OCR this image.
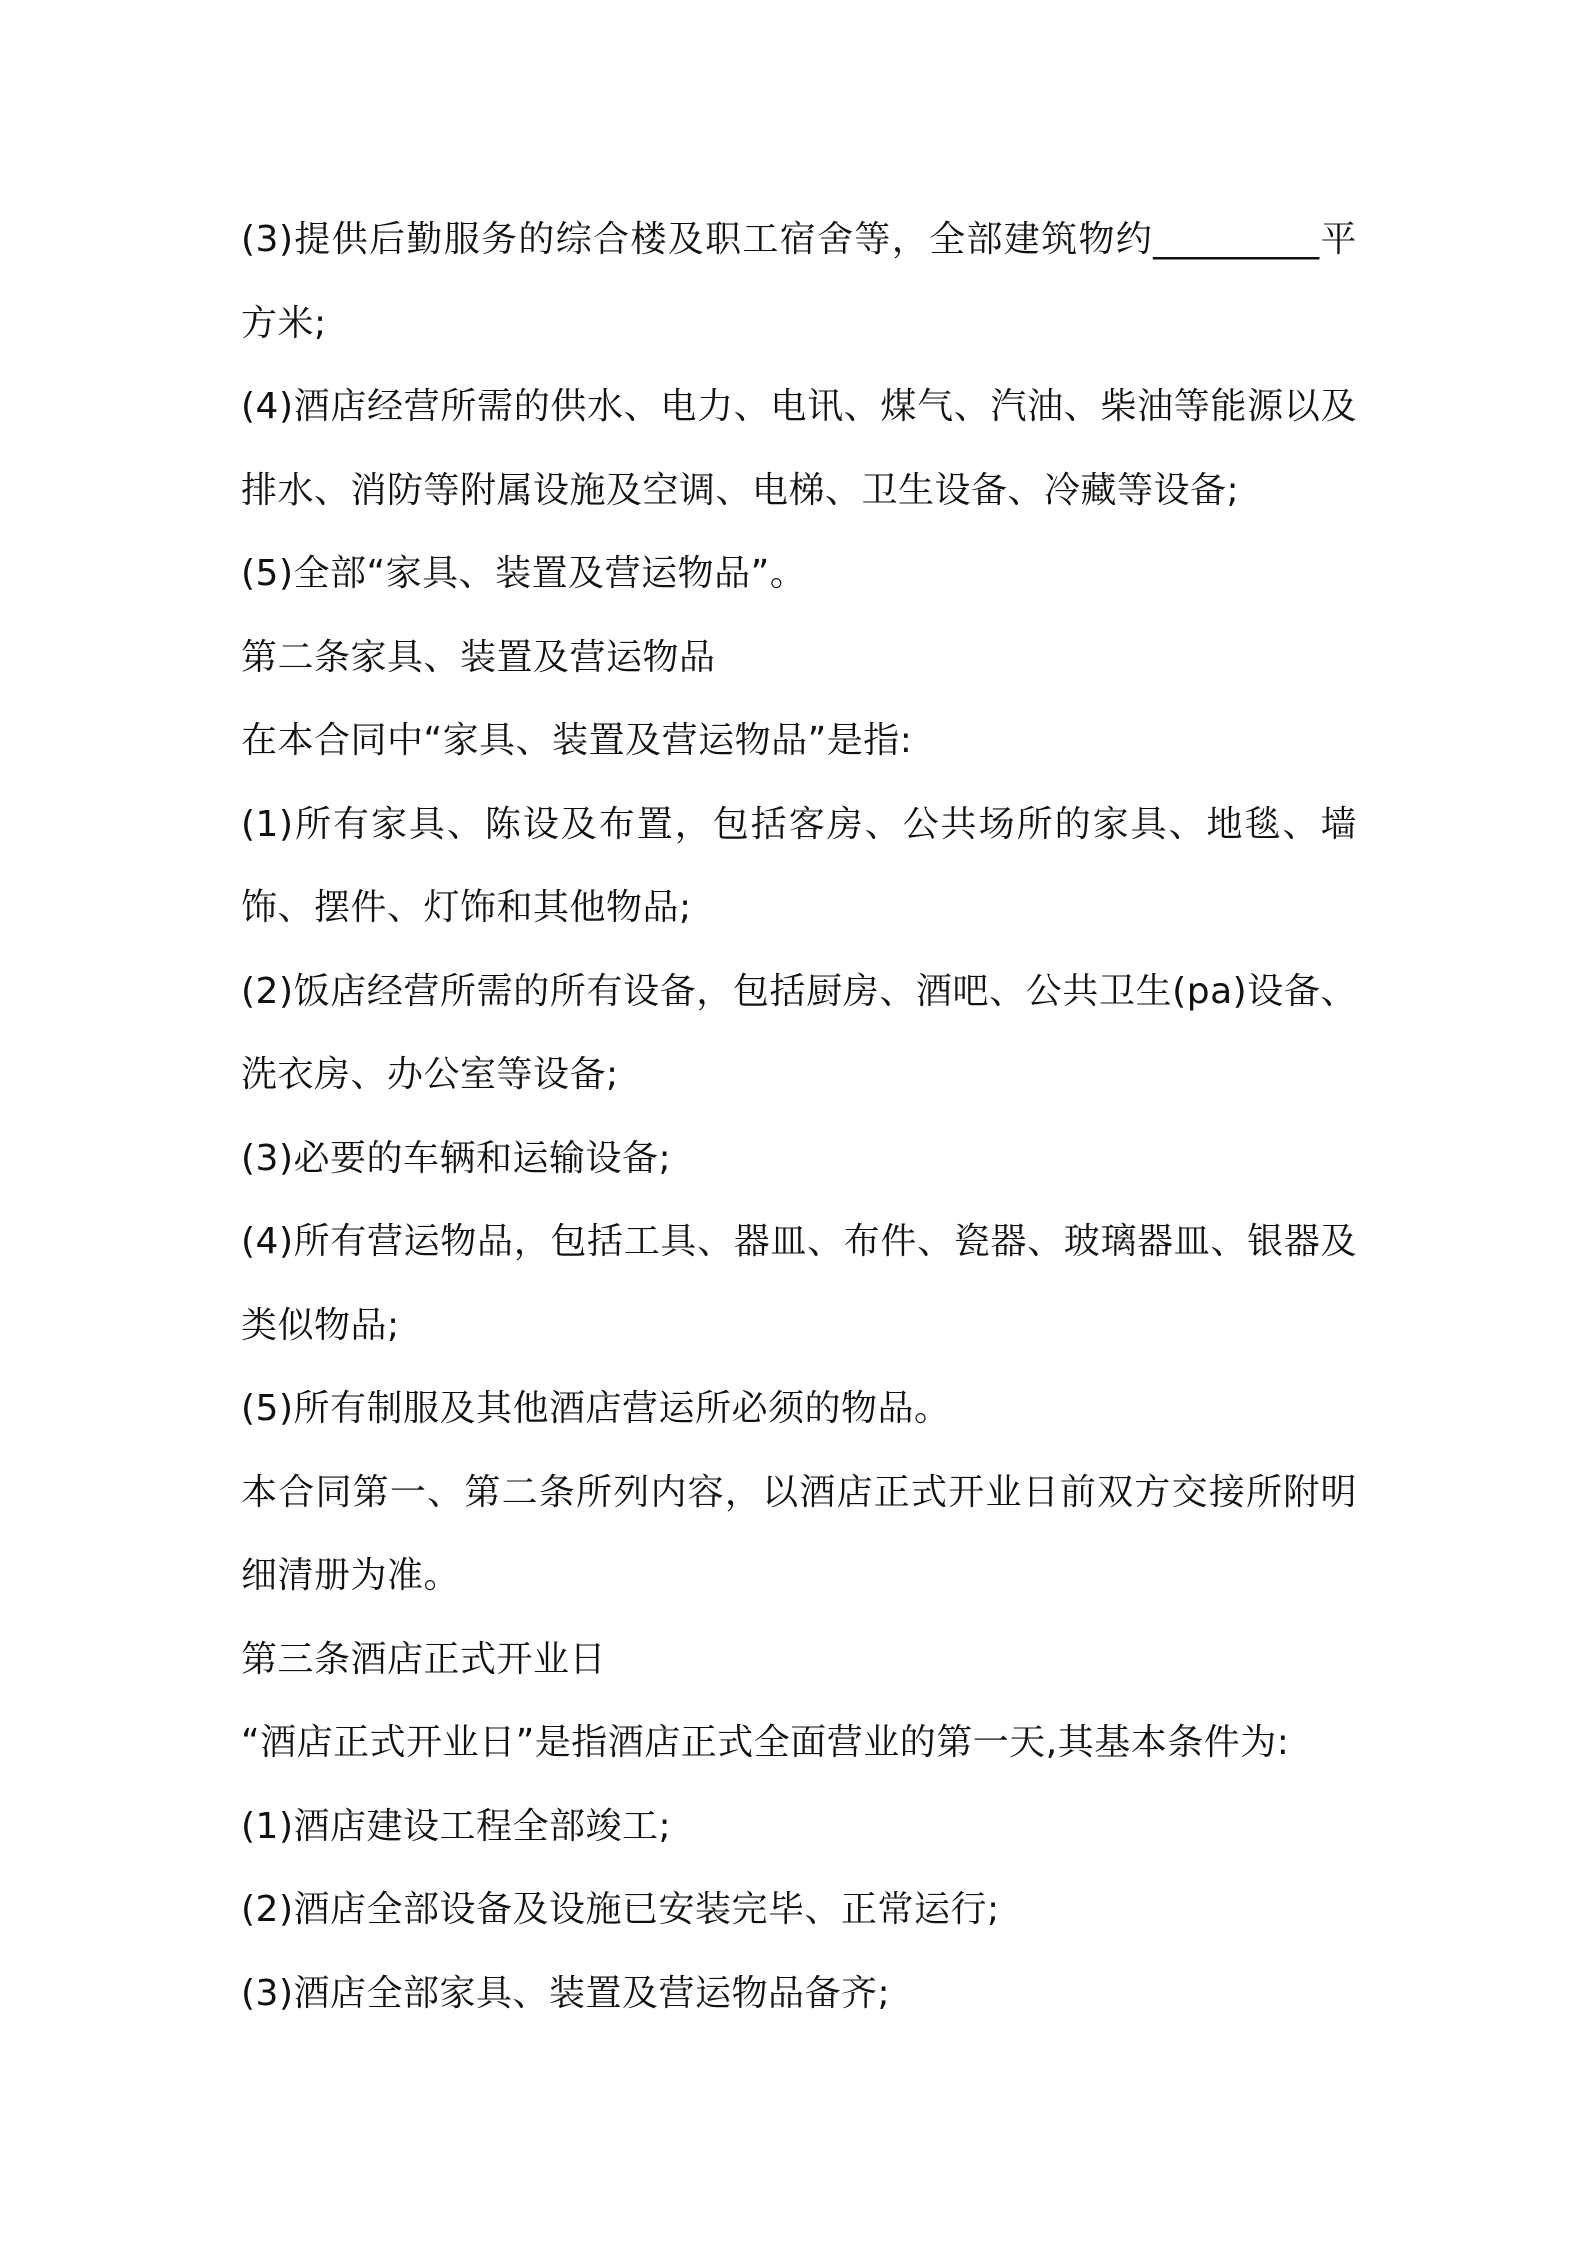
(3)提供后勤服务的综合楼及职工宿舍等，全部建筑物约_________平方米;

(4)酒店经营所需的供水、电力、电讯、煤气、汽油、柴油等能源以及排水、消防等附属设施及空调、电梯、卫生设备、冷藏等设备;

(5)全部“家具、装置及营运物品”。

第二条家具、装置及营运物品

在本合同中“家具、装置及营运物品”是指:

(1)所有家具、陈设及布置，包括客房、公共场所的家具、地毯、墙饰、摆件、灯饰和其他物品;

(2)饭店经营所需的所有设备，包括厨房、酒吧、公共卫生(pa)设备、洗衣房、办公室等设备;

(3)必要的车辆和运输设备;

(4)所有营运物品，包括工具、器皿、布件、瓷器、玻璃器皿、银器及类似物品;

(5)所有制服及其他酒店营运所必须的物品。

本合同第一、第二条所列内容，以酒店正式开业日前双方交接所附明细清册为准。

第三条酒店正式开业日

“酒店正式开业日”是指酒店正式全面营业的第一天,其基本条件为:

(1)酒店建设工程全部竣工;

(2)酒店全部设备及设施已安装完毕、正常运行;

(3)酒店全部家具、装置及营运物品备齐;
